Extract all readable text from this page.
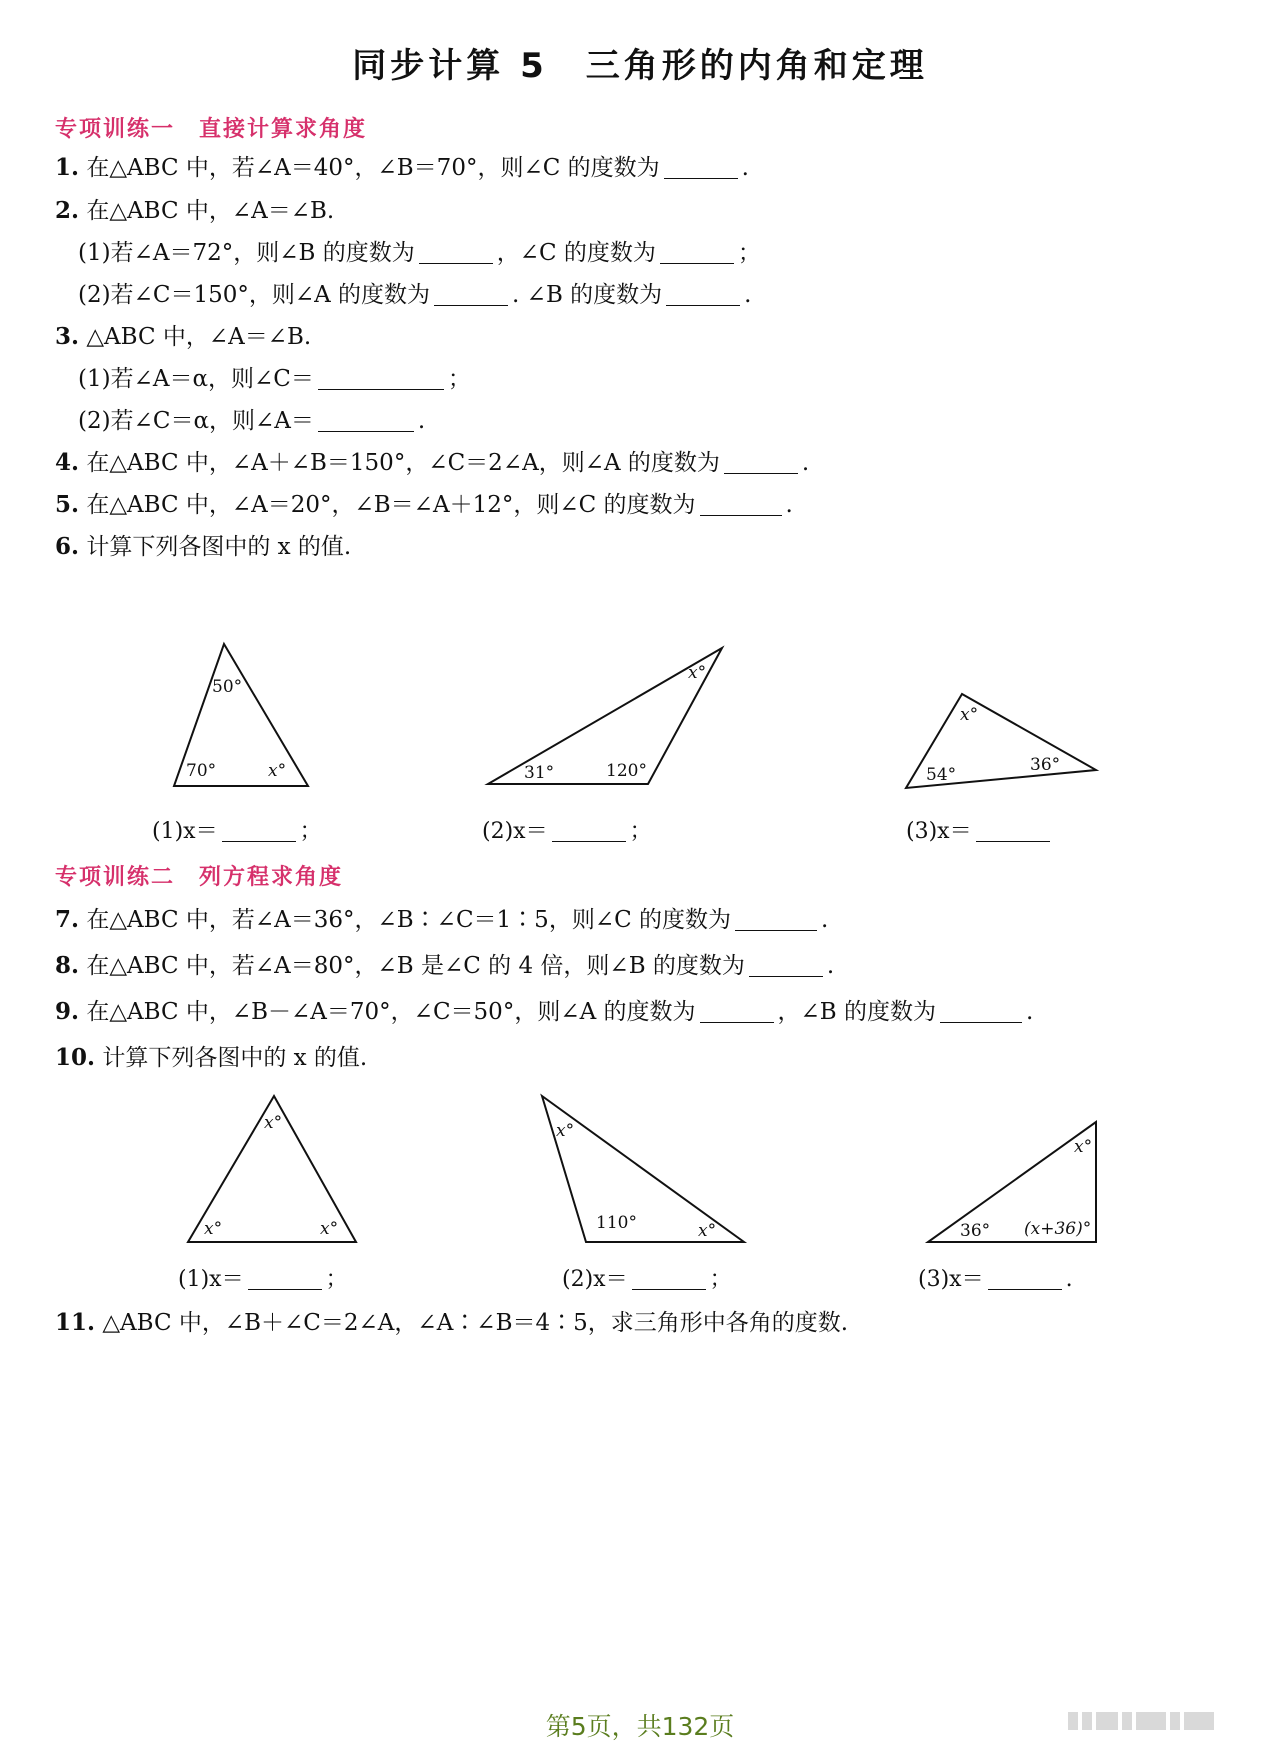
同步计算 5　三角形的内角和定理
专项训练一　直接计算求角度
1. 在△ABC 中，若∠A＝40°，∠B＝70°，则∠C 的度数为	.
2. 在△ABC 中，∠A＝∠B.
(1)若∠A＝72°，则∠B 的度数为	，∠C 的度数为	；
(2)若∠C＝150°，则∠A 的度数为	. ∠B 的度数为	.
3. △ABC 中，∠A＝∠B.
(1)若∠A＝α，则∠C＝	；
(2)若∠C＝α，则∠A＝	.
4. 在△ABC 中，∠A＋∠B＝150°，∠C＝2∠A，则∠A 的度数为	.
5. 在△ABC 中，∠A＝20°，∠B＝∠A＋12°，则∠C 的度数为	.
6. 计算下列各图中的 x 的值.
50°
70°	x°
x°
31°	120°
x°
54°	36°
(1)x＝	；	(2)x＝	；	(3)x＝
专项训练二　列方程求角度
7. 在△ABC 中，若∠A＝36°，∠B∶∠C＝1∶5，则∠C 的度数为	.
8. 在△ABC 中，若∠A＝80°，∠B 是∠C 的 4 倍，则∠B 的度数为	.
9. 在△ABC 中，∠B－∠A＝70°，∠C＝50°，则∠A 的度数为	，∠B 的度数为	.
10. 计算下列各图中的 x 的值.
x°
x°	x°
x°
110°	x°
x°
36° (x+36)°
(1)x＝	；	(2)x＝	；	(3)x＝	.
11. △ABC 中，∠B＋∠C＝2∠A，∠A∶∠B＝4∶5，求三角形中各角的度数.
第5页，共132页
